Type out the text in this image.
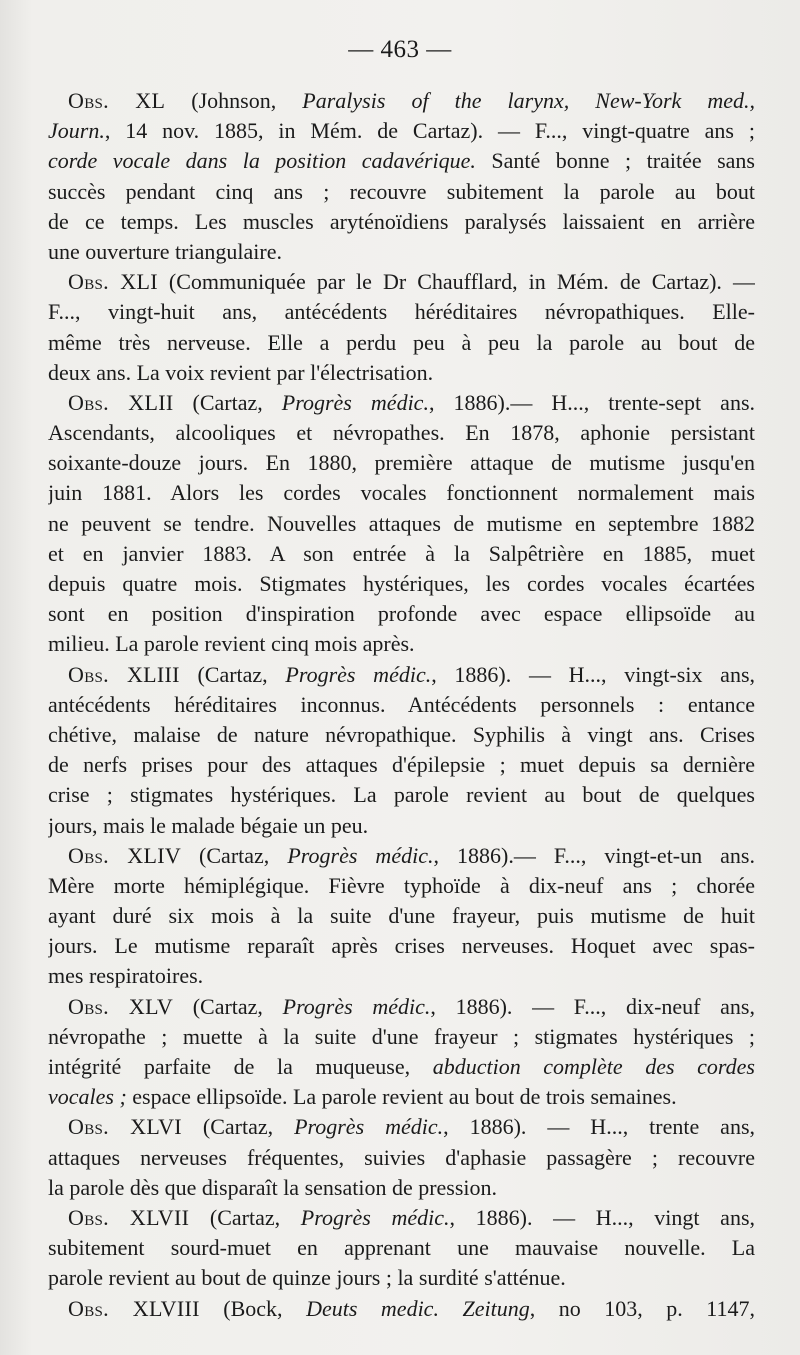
— 463 —
Obs. XL (Johnson, Paralysis of the larynx, New-York med.,
Journ., 14 nov. 1885, in Mém. de Cartaz). — F..., vingt-quatre ans ;
corde vocale dans la position cadavérique. Santé bonne ; traitée sans
succès pendant cinq ans ; recouvre subitement la parole au bout
de ce temps. Les muscles aryténoïdiens paralysés laissaient en arrière
une ouverture triangulaire.
Obs. XLI (Communiquée par le Dr Chaufflard, in Mém. de Cartaz). —
F..., vingt-huit ans, antécédents héréditaires névropathiques. Elle-
même très nerveuse. Elle a perdu peu à peu la parole au bout de
deux ans. La voix revient par l'électrisation.
Obs. XLII (Cartaz, Progrès médic., 1886).— H..., trente-sept ans.
Ascendants, alcooliques et névropathes. En 1878, aphonie persistant
soixante-douze jours. En 1880, première attaque de mutisme jusqu'en
juin 1881. Alors les cordes vocales fonctionnent normalement mais
ne peuvent se tendre. Nouvelles attaques de mutisme en septembre 1882
et en janvier 1883. A son entrée à la Salpêtrière en 1885, muet
depuis quatre mois. Stigmates hystériques, les cordes vocales écartées
sont en position d'inspiration profonde avec espace ellipsoïde au
milieu. La parole revient cinq mois après.
Obs. XLIII (Cartaz, Progrès médic., 1886). — H..., vingt-six ans,
antécédents héréditaires inconnus. Antécédents personnels : entance
chétive, malaise de nature névropathique. Syphilis à vingt ans. Crises
de nerfs prises pour des attaques d'épilepsie ; muet depuis sa dernière
crise ; stigmates hystériques. La parole revient au bout de quelques
jours, mais le malade bégaie un peu.
Obs. XLIV (Cartaz, Progrès médic., 1886).— F..., vingt-et-un ans.
Mère morte hémiplégique. Fièvre typhoïde à dix-neuf ans ; chorée
ayant duré six mois à la suite d'une frayeur, puis mutisme de huit
jours. Le mutisme reparaît après crises nerveuses. Hoquet avec spas-
mes respiratoires.
Obs. XLV (Cartaz, Progrès médic., 1886). — F..., dix-neuf ans,
névropathe ; muette à la suite d'une frayeur ; stigmates hystériques ;
intégrité parfaite de la muqueuse, abduction complète des cordes
vocales ; espace ellipsoïde. La parole revient au bout de trois semaines.
Obs. XLVI (Cartaz, Progrès médic., 1886). — H..., trente ans,
attaques nerveuses fréquentes, suivies d'aphasie passagère ; recouvre
la parole dès que disparaît la sensation de pression.
Obs. XLVII (Cartaz, Progrès médic., 1886). — H..., vingt ans,
subitement sourd-muet en apprenant une mauvaise nouvelle. La
parole revient au bout de quinze jours ; la surdité s'atténue.
Obs. XLVIII (Bock, Deuts medic. Zeitung, no 103, p. 1147,
